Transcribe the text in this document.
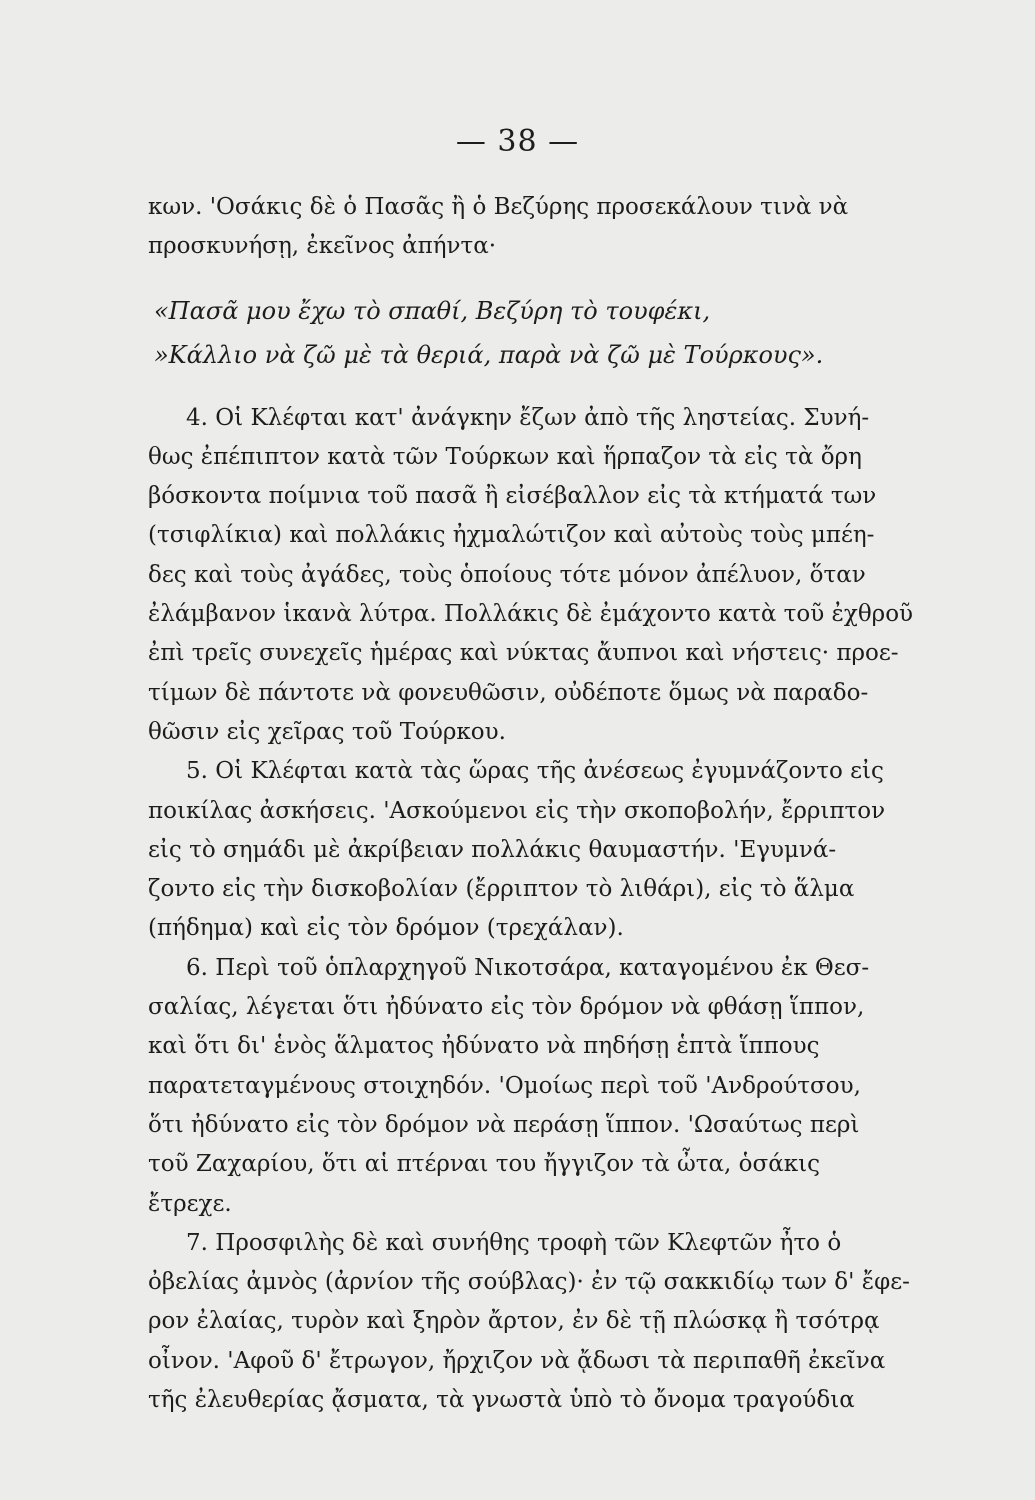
— 38 —
κων. 'Οσάκις δὲ ὁ Πασᾶς ἢ ὁ Βεζύρης προσεκάλουν τινὰ νὰ
προσκυνήσῃ, ἐκεῖνος ἀπήντα·
«Πασᾶ μου ἔχω τὸ σπαθί, Βεζύρη τὸ τουφέκι,
»Κάλλιο νὰ ζῶ μὲ τὰ θεριά, παρὰ νὰ ζῶ μὲ Τούρκους».
4. Οἱ Κλέφται κατ' ἀνάγκην ἔζων ἀπὸ τῆς ληστείας. Συνή-
θως ἐπέπιπτον κατὰ τῶν Τούρκων καὶ ἥρπαζον τὰ εἰς τὰ ὄρη
βόσκοντα ποίμνια τοῦ πασᾶ ἢ εἰσέβαλλον εἰς τὰ κτήματά των
(τσιφλίκια) καὶ πολλάκις ἠχμαλώτιζον καὶ αὐτοὺς τοὺς μπέη-
δες καὶ τοὺς ἀγάδες, τοὺς ὁποίους τότε μόνον ἀπέλυον, ὅταν
ἐλάμβανον ἱκανὰ λύτρα. Πολλάκις δὲ ἐμάχοντο κατὰ τοῦ ἐχθροῦ
ἐπὶ τρεῖς συνεχεῖς ἡμέρας καὶ νύκτας ἄυπνοι καὶ νήστεις· προε-
τίμων δὲ πάντοτε νὰ φονευθῶσιν, οὐδέποτε ὅμως νὰ παραδο-
θῶσιν εἰς χεῖρας τοῦ Τούρκου.
5. Οἱ Κλέφται κατὰ τὰς ὥρας τῆς ἀνέσεως ἐγυμνάζοντο εἰς
ποικίλας ἀσκήσεις. 'Ασκούμενοι εἰς τὴν σκοποβολήν, ἔρριπτον
εἰς τὸ σημάδι μὲ ἀκρίβειαν πολλάκις θαυμαστήν. 'Εγυμνά-
ζοντο εἰς τὴν δισκοβολίαν (ἔρριπτον τὸ λιθάρι), εἰς τὸ ἅλμα
(πήδημα) καὶ εἰς τὸν δρόμον (τρεχάλαν).
6. Περὶ τοῦ ὁπλαρχηγοῦ Νικοτσάρα, καταγομένου ἐκ Θεσ-
σαλίας, λέγεται ὅτι ἠδύνατο εἰς τὸν δρόμον νὰ φθάσῃ ἵππον,
καὶ ὅτι δι' ἑνὸς ἅλματος ἠδύνατο νὰ πηδήσῃ ἑπτὰ ἵππους
παρατεταγμένους στοιχηδόν. 'Ομοίως περὶ τοῦ 'Ανδρούτσου,
ὅτι ἠδύνατο εἰς τὸν δρόμον νὰ περάσῃ ἵππον. 'Ωσαύτως περὶ
τοῦ Ζαχαρίου, ὅτι αἱ πτέρναι του ἤγγιζον τὰ ὦτα, ὁσάκις
ἔτρεχε.
7. Προσφιλὴς δὲ καὶ συνήθης τροφὴ τῶν Κλεφτῶν ἦτο ὁ
ὀβελίας ἀμνὸς (ἀρνίον τῆς σούβλας)· ἐν τῷ σακκιδίῳ των δ' ἔφε-
ρον ἐλαίας, τυρὸν καὶ ξηρὸν ἄρτον, ἐν δὲ τῇ πλώσκᾳ ἢ τσότρᾳ
οἶνον. 'Αφοῦ δ' ἔτρωγον, ἤρχιζον νὰ ᾄδωσι τὰ περιπαθῆ ἐκεῖνα
τῆς ἐλευθερίας ᾄσματα, τὰ γνωστὰ ὑπὸ τὸ ὄνομα τραγούδια
